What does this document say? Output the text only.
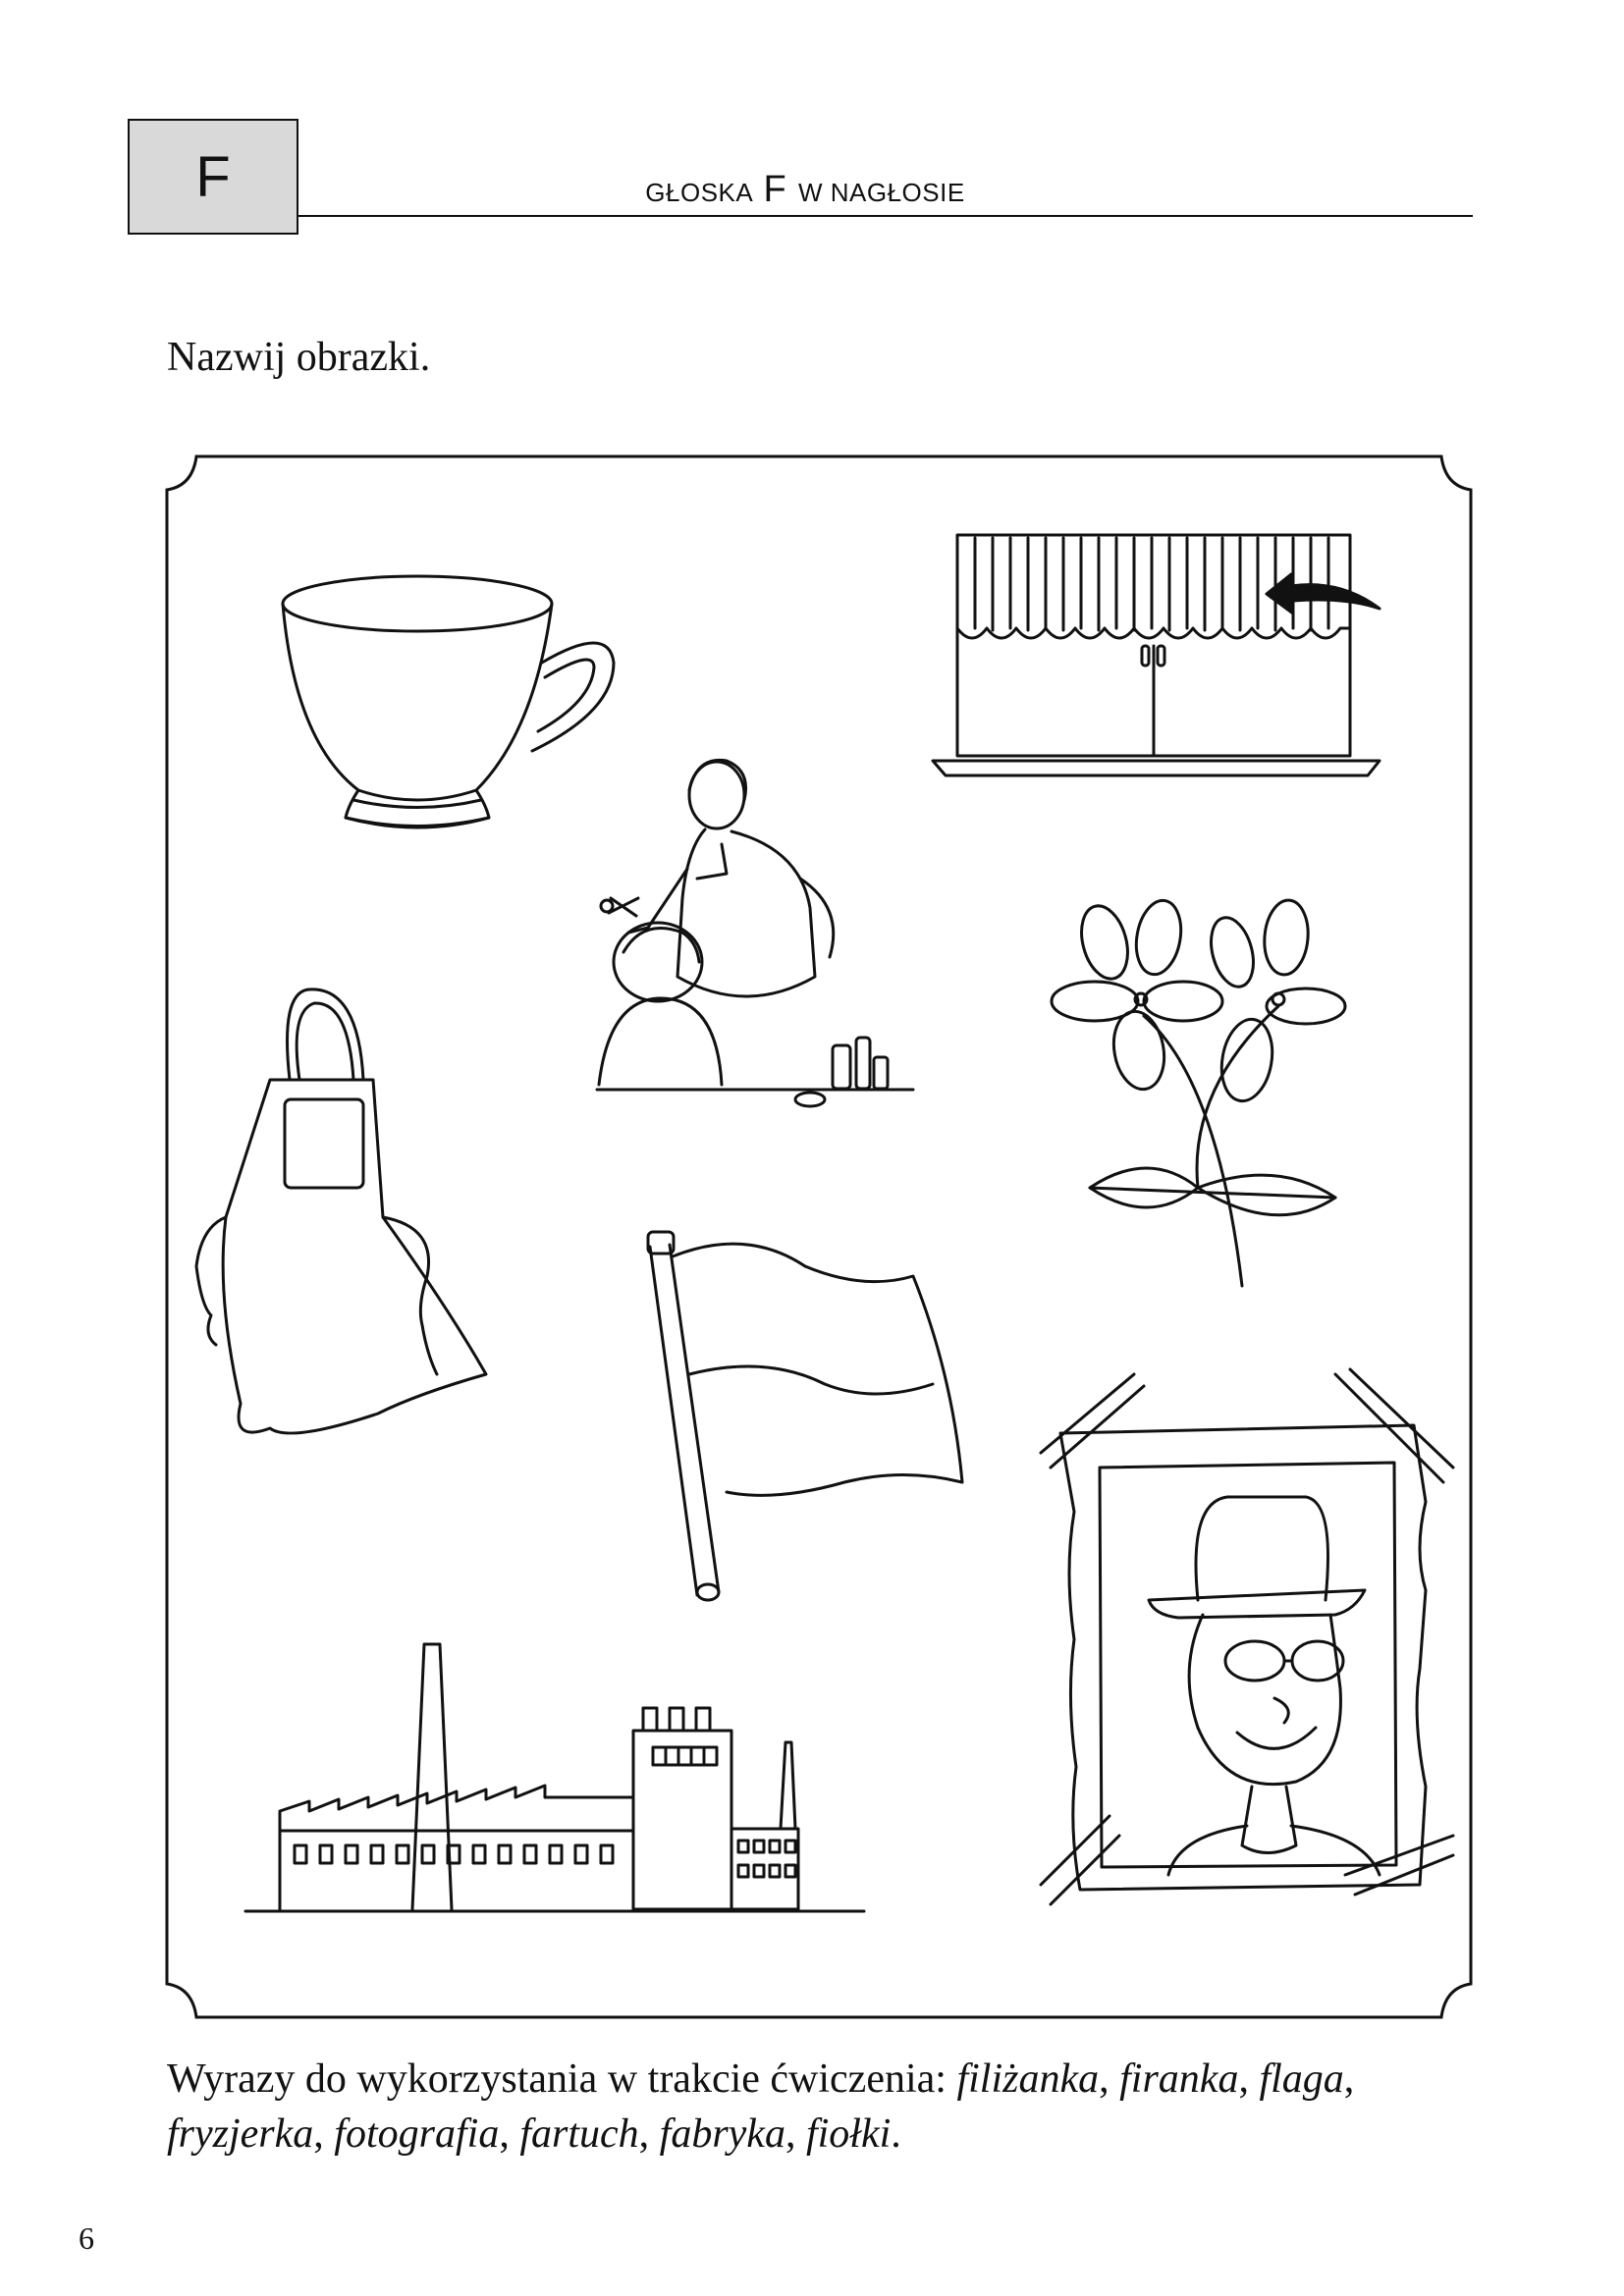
F	GŁOSKA F W NAGŁOSIE
Nazwij obrazki.
Wyrazy do wykorzystania w trakcie ćwiczenia: filiżanka, firanka, flaga, fryzjerka, fotografia, fartuch, fabryka, fiołki.
6
